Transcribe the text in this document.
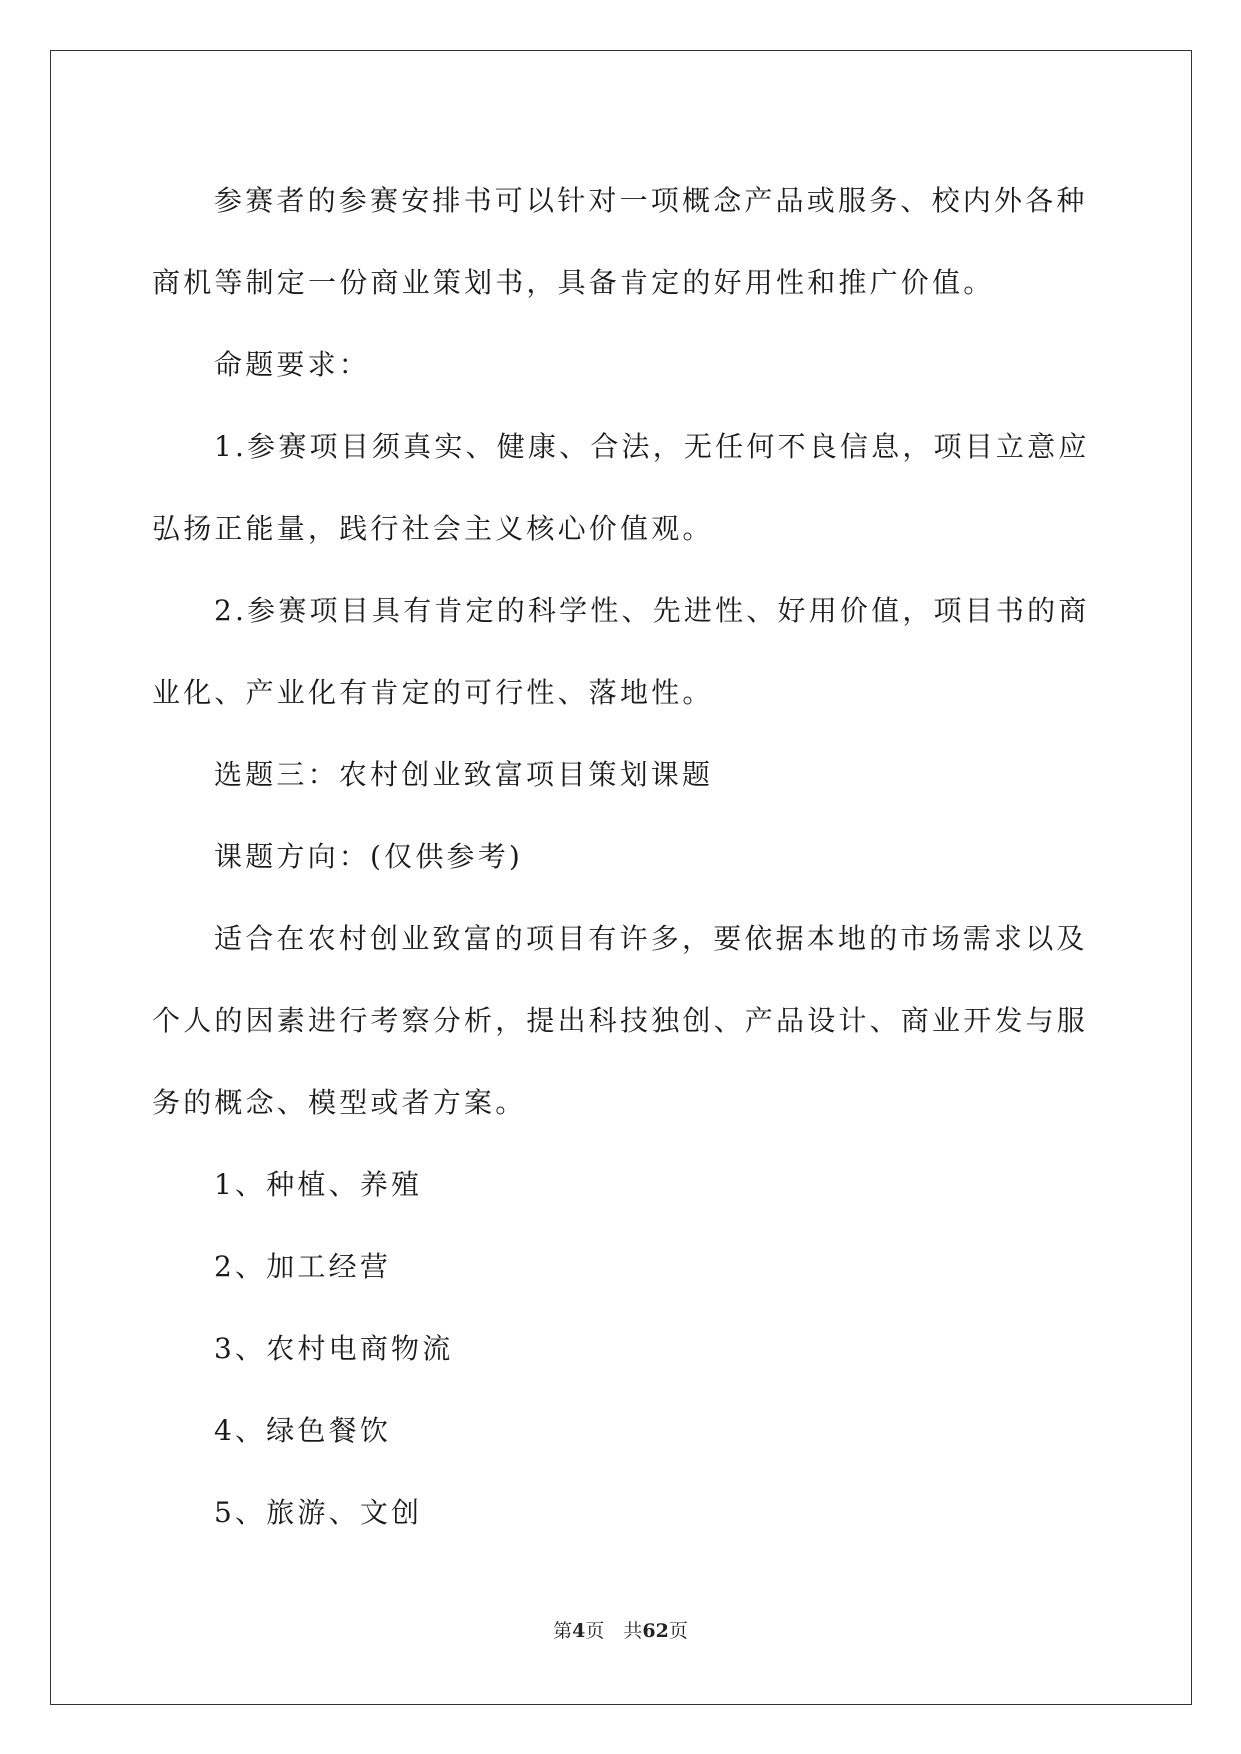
参赛者的参赛安排书可以针对一项概念产品或服务、校内外各种

商机等制定一份商业策划书，具备肯定的好用性和推广价值。

命题要求：

1.参赛项目须真实、健康、合法，无任何不良信息，项目立意应

弘扬正能量，践行社会主义核心价值观。

2.参赛项目具有肯定的科学性、先进性、好用价值，项目书的商

业化、产业化有肯定的可行性、落地性。

选题三：农村创业致富项目策划课题

课题方向：(仅供参考)

适合在农村创业致富的项目有许多，要依据本地的市场需求以及

个人的因素进行考察分析，提出科技独创、产品设计、商业开发与服

务的概念、模型或者方案。

1、种植、养殖

2、加工经营

3、农村电商物流

4、绿色餐饮

5、旅游、文创

第4页　共62页
